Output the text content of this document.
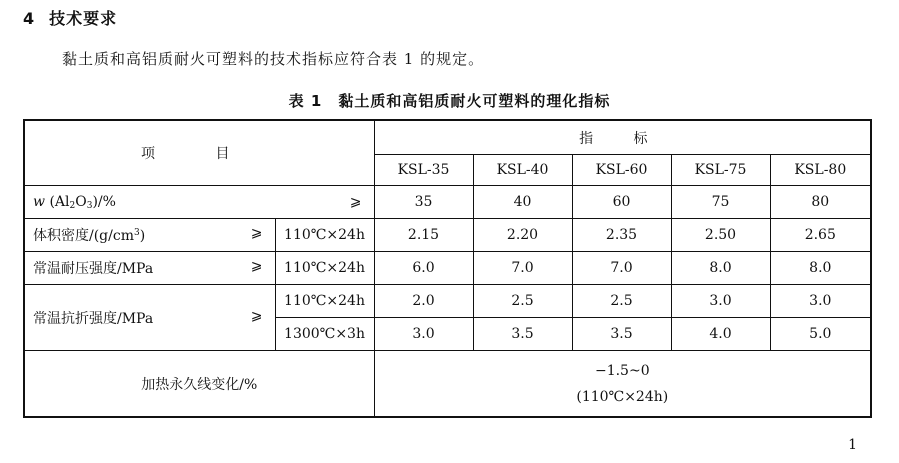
4 技术要求
黏土质和高铝质耐火可塑料的技术指标应符合表 1 的规定。
表 1 黏土质和高铝质耐火可塑料的理化指标
项 目		指 标				
		KSL-35	KSL-40	KSL-60	KSL-75	KSL-80

w $(Al_2O_3)/\%$ ⩾		35	40	60	75	80

体积密度$/(g/cm^3)$ ⩾	110℃×24h	2.15	2.20	2.35	2.50	2.65

常温耐压强度/MPa ⩾	110℃×24h	6.0	7.0	7.0	8.0	8.0

常温抗折强度/MPa ⩾	110℃×24h	2.0	2.5	2.5	3.0	3.0
	1300℃×3h	3.0	3.5	3.5	4.0	5.0
加热永久线变化/%		−1.5~0
(110℃×24h)				
1
